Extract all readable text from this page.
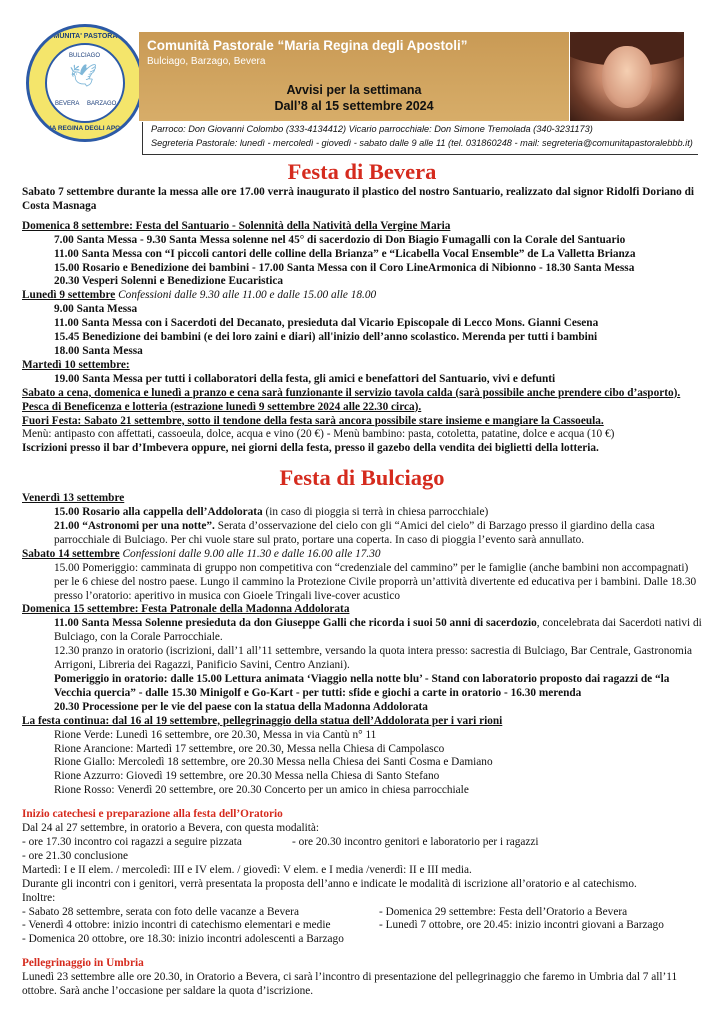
COMUNITA' PASTORALE
BULCIAGO
🕊
BEVERA BARZAGO
MARIA REGINA DEGLI APOSTOLI
Comunità Pastorale “Maria Regina degli Apostoli”
Bulciago, Barzago, Bevera
Avvisi per la settimana
Dall’8 al 15 settembre 2024
Parroco: Don Giovanni Colombo (333-4134412) Vicario parrocchiale: Don Simone Tremolada (340-3231173)
Segreteria Pastorale: lunedì - mercoledì - giovedì - sabato dalle 9 alle 11 (tel. 031860248 - mail: segreteria@comunitapastoralebbb.it)

Festa di Bevera

Sabato 7 settembre durante la messa alle ore 17.00 verrà inaugurato il plastico del nostro Santuario, realizzato dal signor Ridolfi Doriano di Costa Masnaga

Domenica 8 settembre: Festa del Santuario - Solennità della Natività della Vergine Maria

7.00 Santa Messa - 9.30 Santa Messa solenne nel 45° di sacerdozio di Don Biagio Fumagalli con la Corale del Santuario

11.00 Santa Messa con “I piccoli cantori delle colline della Brianza” e “Licabella Vocal Ensemble” de La Valletta Brianza

15.00 Rosario e Benedizione dei bambini - 17.00 Santa Messa con il Coro LineArmonica di Nibionno - 18.30 Santa Messa

20.30 Vesperi Solenni e Benedizione Eucaristica

Lunedì 9 settembre Confessioni dalle 9.30 alle 11.00 e dalle 15.00 alle 18.00

9.00 Santa Messa

11.00 Santa Messa con i Sacerdoti del Decanato, presieduta dal Vicario Episcopale di Lecco Mons. Gianni Cesena

15.45 Benedizione dei bambini (e dei loro zaini e diari) all'inizio dell’anno scolastico. Merenda per tutti i bambini

18.00 Santa Messa

Martedì 10 settembre:

19.00 Santa Messa per tutti i collaboratori della festa, gli amici e benefattori del Santuario, vivi e defunti

Sabato a cena, domenica e lunedì a pranzo e cena sarà funzionante il servizio tavola calda (sarà possibile anche prendere cibo d’asporto). Pesca di Beneficenza e lotteria (estrazione lunedì 9 settembre 2024 alle 22.30 circa).

Fuori Festa: Sabato 21 settembre, sotto il tendone della festa sarà ancora possibile stare insieme e mangiare la Cassoeula.

Menù: antipasto con affettati, cassoeula, dolce, acqua e vino (20 €) - Menù bambino: pasta, cotoletta, patatine, dolce e acqua (10 €)

Iscrizioni presso il bar d’Imbevera oppure, nei giorni della festa, presso il gazebo della vendita dei biglietti della lotteria.

Festa di Bulciago

Venerdì 13 settembre

15.00 Rosario alla cappella dell’Addolorata (in caso di pioggia si terrà in chiesa parrocchiale)

21.00 “Astronomi per una notte”. Serata d’osservazione del cielo con gli “Amici del cielo” di Barzago presso il giardino della casa parrocchiale di Bulciago. Per chi vuole stare sul prato, portare una coperta. In caso di pioggia l’evento sarà annullato.

Sabato 14 settembre Confessioni dalle 9.00 alle 11.30 e dalle 16.00 alle 17.30

15.00 Pomeriggio: camminata di gruppo non competitiva con “credenziale del cammino” per le famiglie (anche bambini non accompagnati) per le 6 chiese del nostro paese. Lungo il cammino la Protezione Civile proporrà un’attività divertente ed educativa per i bambini. Dalle 18.30 presso l’oratorio: aperitivo in musica con Gioele Tringali live-cover acustico

Domenica 15 settembre: Festa Patronale della Madonna Addolorata

11.00 Santa Messa Solenne presieduta da don Giuseppe Galli che ricorda i suoi 50 anni di sacerdozio, concelebrata dai Sacerdoti nativi di Bulciago, con la Corale Parrocchiale.

12.30 pranzo in oratorio (iscrizioni, dall’1 all’11 settembre, versando la quota intera presso: sacrestia di Bulciago, Bar Centrale, Gastronomia Arrigoni, Libreria dei Ragazzi, Panificio Savini, Centro Anziani).

Pomeriggio in oratorio: dalle 15.00 Lettura animata ‘Viaggio nella notte blu’ - Stand con laboratorio proposto dai ragazzi de “la Vecchia quercia” - dalle 15.30 Minigolf e Go-Kart - per tutti: sfide e giochi a carte in oratorio - 16.30 merenda

20.30 Processione per le vie del paese con la statua della Madonna Addolorata

La festa continua: dal 16 al 19 settembre, pellegrinaggio della statua dell’Addolorata per i vari rioni

Rione Verde: Lunedì 16 settembre, ore 20.30, Messa in via Cantù n° 11

Rione Arancione: Martedì 17 settembre, ore 20.30, Messa nella Chiesa di Campolasco

Rione Giallo: Mercoledì 18 settembre, ore 20.30 Messa nella Chiesa dei Santi Cosma e Damiano

Rione Azzurro: Giovedì 19 settembre, ore 20.30 Messa nella Chiesa di Santo Stefano

Rione Rosso: Venerdì 20 settembre, ore 20.30 Concerto per un amico in chiesa parrocchiale

Inizio catechesi e preparazione alla festa dell’Oratorio

Dal 24 al 27 settembre, in oratorio a Bevera, con questa modalità:

- ore 17.30 incontro coi ragazzi a seguire pizzata	- ore 20.30 incontro genitori e laboratorio per i ragazzi

- ore 21.30 conclusione

Martedì: I e II elem. / mercoledì: III e IV elem. / giovedì: V elem. e I media /venerdì: II e III media.

Durante gli incontri con i genitori, verrà presentata la proposta dell’anno e indicate le modalità di iscrizione all’oratorio e al catechismo.

Inoltre:

- Sabato 28 settembre, serata con foto delle vacanze a Bevera	- Domenica 29 settembre: Festa dell’Oratorio a Bevera
- Venerdì 4 ottobre: inizio incontri di catechismo elementari e medie	- Lunedì 7 ottobre, ore 20.45: inizio incontri giovani a Barzago

- Domenica 20 ottobre, ore 18.30: inizio incontri adolescenti a Barzago

Pellegrinaggio in Umbria

Lunedì 23 settembre alle ore 20.30, in Oratorio a Bevera, ci sarà l’incontro di presentazione del pellegrinaggio che faremo in Umbria dal 7 all’11 ottobre. Sarà anche l’occasione per saldare la quota d’iscrizione.
